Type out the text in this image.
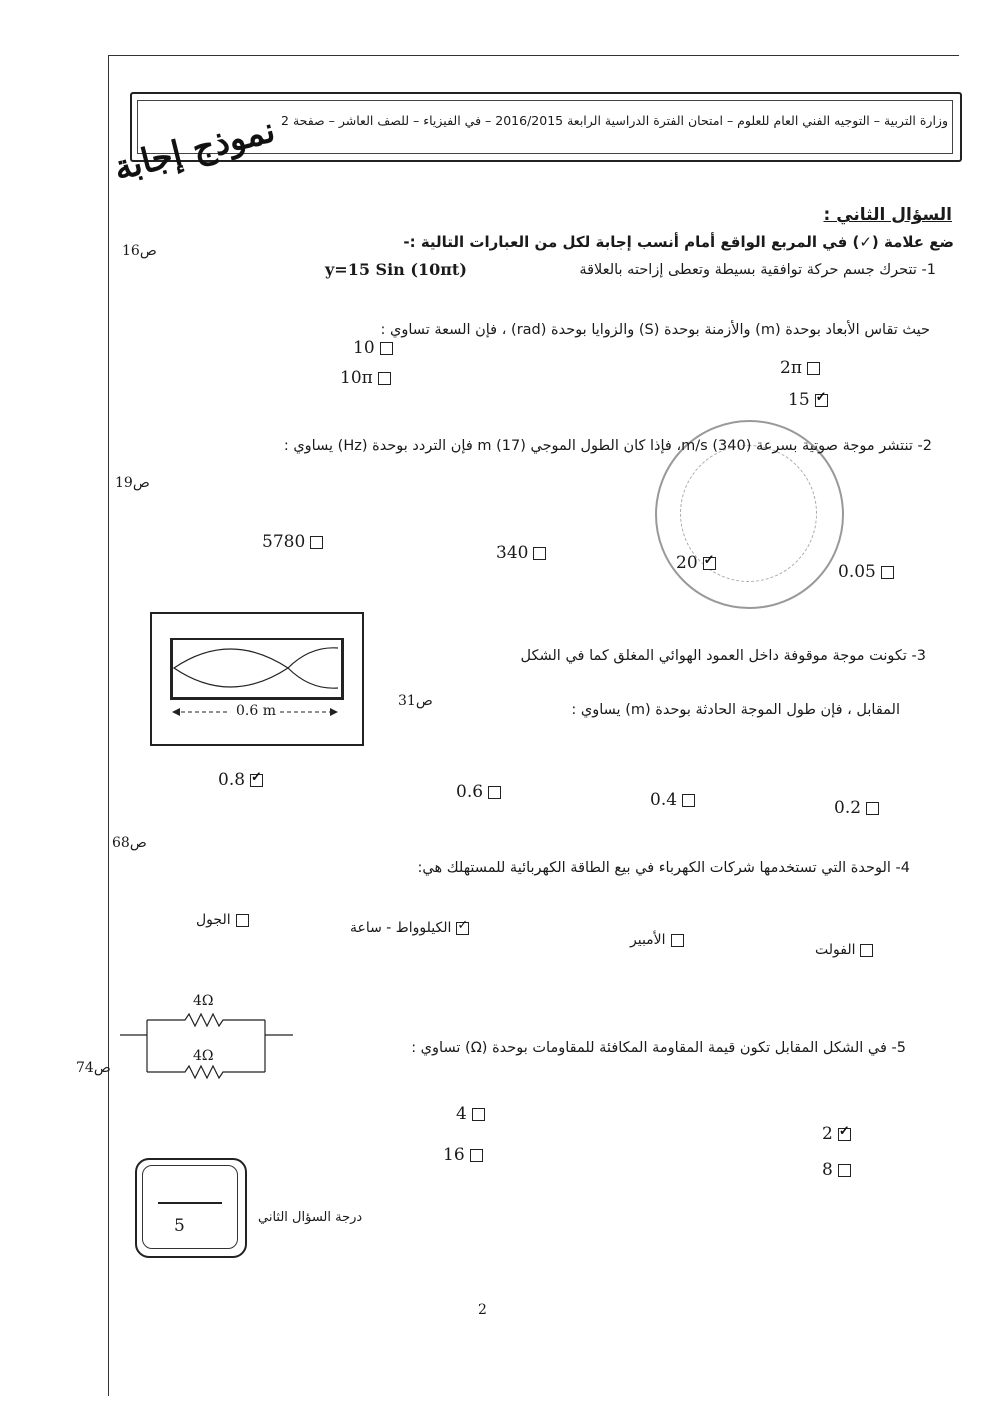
وزارة التربية – التوجيه الفني العام للعلوم – امتحان الفترة الدراسية الرابعة 2016/2015 – في الفيزياء – للصف العاشر – صفحة 2
نموذج إجابة
السؤال الثاني :
ضع علامة (✓) في المربع الواقع أمام أنسب إجابة لكل من العبارات التالية :-
ص16
y=15 Sin (10πt)	1- تتحرك جسم حركة توافقية بسيطة وتعطى إزاحته بالعلاقة
حيث تقاس الأبعاد بوحدة (m) والأزمنة بوحدة (S) والزوايا بوحدة (rad) ، فإن السعة تساوي :
10
10π	2π
15
✓
2- تنتشر موجة صوتية بسرعة (340) m/s، فإذا كان الطول الموجي m (17) فإن التردد بوحدة (Hz) يساوي :
ص19
5780
340	20 ✓	0.05
0.6 m
3- تكونت موجة موقوفة داخل العمود الهوائي المغلق كما في الشكل
ص31
المقابل ، فإن طول الموجة الحادثة بوحدة (m) يساوي :
0.8
✓
0.6	0.4	0.2
ص68
4- الوحدة التي تستخدمها شركات الكهرباء في بيع الطاقة الكهربائية للمستهلك هي:
الجول ✓	الكيلوواط - ساعة
الأمبير
الفولت
4Ω
4Ω
ص74
5- في الشكل المقابل تكون قيمة المقاومة المكافئة للمقاومات بوحدة (Ω) تساوي :
4
16
2
✓
8
5	درجة السؤال الثاني
2
